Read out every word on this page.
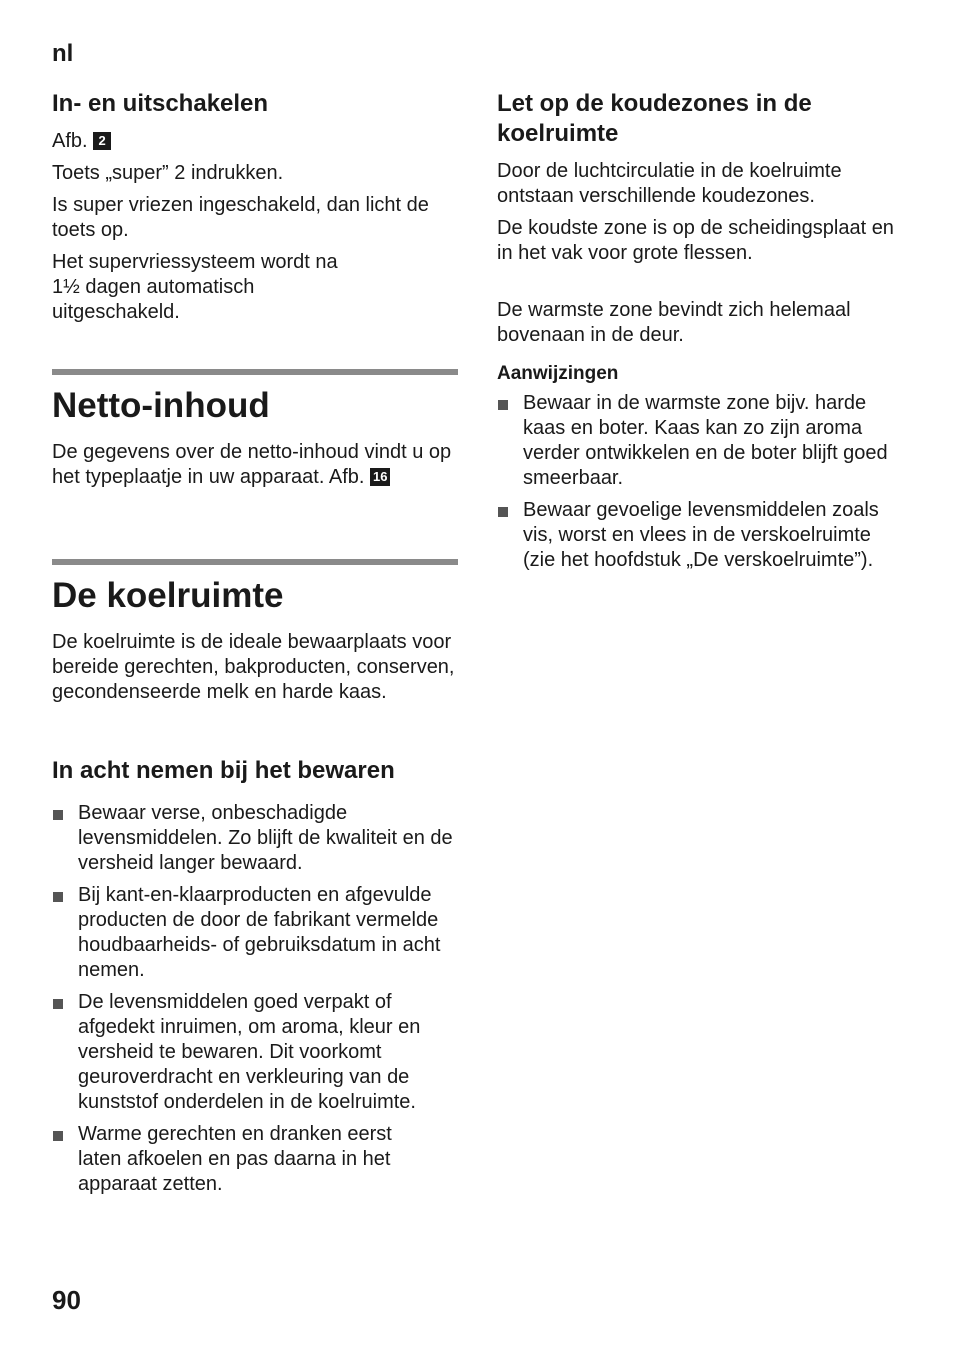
nl
In- en uitschakelen

Afb. 2

Toets „super” 2 indrukken.

Is super vriezen ingeschakeld, dan licht de toets op.

Het supervriessysteem wordt na 1½ dagen automatisch uitgeschakeld.

Netto-inhoud

De gegevens over de netto-inhoud vindt u op het typeplaatje in uw apparaat. Afb. 16

De koelruimte

De koelruimte is de ideale bewaarplaats voor bereide gerechten, bakproducten, conserven, gecondenseerde melk en harde kaas.

In acht nemen bij het bewaren
Bewaar verse, onbeschadigde levensmiddelen. Zo blijft de kwaliteit en de versheid langer bewaard.
Bij kant-en-klaarproducten en afgevulde producten de door de fabrikant vermelde houdbaarheids- of gebruiksdatum in acht nemen.
De levensmiddelen goed verpakt of afgedekt inruimen, om aroma, kleur en versheid te bewaren. Dit voorkomt geuroverdracht en verkleuring van de kunststof onderdelen in de koelruimte.
Warme gerechten en dranken eerst laten afkoelen en pas daarna in het apparaat zetten.
Let op de koudezones in de koelruimte

Door de luchtcirculatie in de koelruimte ontstaan verschillende koudezones.

De koudste zone is op de scheidingsplaat en in het vak voor grote flessen.

De warmste zone bevindt zich helemaal bovenaan in de deur.

Aanwijzingen
Bewaar in de warmste zone bijv. harde kaas en boter. Kaas kan zo zijn aroma verder ontwikkelen en de boter blijft goed smeerbaar.
Bewaar gevoelige levensmiddelen zoals vis, worst en vlees in de verskoelruimte (zie het hoofdstuk „De verskoelruimte”).
90
